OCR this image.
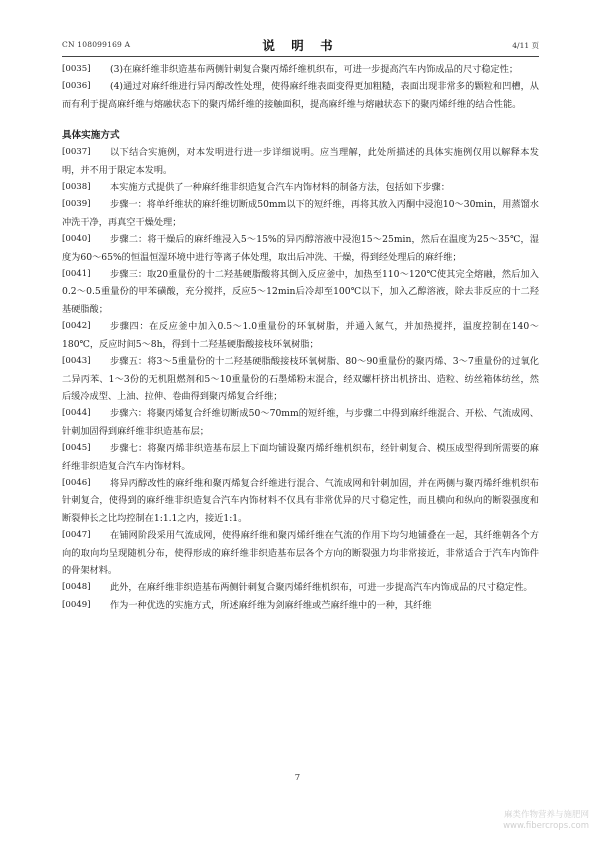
CN 108099169 A	说 明 书	4/11 页
[0035]	(3)在麻纤维非织造基布两侧针刺复合聚丙烯纤维机织布，可进一步提高汽车内饰成品的尺寸稳定性；
[0036]	(4)通过对麻纤维进行异丙醇改性处理，使得麻纤维表面变得更加粗糙，表面出现非常多的颗粒和凹槽，从而有利于提高麻纤维与熔融状态下的聚丙烯纤维的接触面积，提高麻纤维与熔融状态下的聚丙烯纤维的结合性能。
具体实施方式
[0037]	以下结合实施例，对本发明进行进一步详细说明。应当理解，此处所描述的具体实施例仅用以解释本发明，并不用于限定本发明。
[0038]	本实施方式提供了一种麻纤维非织造复合汽车内饰材料的制备方法，包括如下步骤：
[0039]	步骤一：将单纤维状的麻纤维切断成50mm以下的短纤维，再将其放入丙酮中浸泡10～30min，用蒸馏水冲洗干净，再真空干燥处理；
[0040]	步骤二：将干燥后的麻纤维浸入5～15%的异丙醇溶液中浸泡15～25min，然后在温度为25～35℃，湿度为60～65%的恒温恒湿环境中进行等离子体处理，取出后冲洗、干燥，得到经处理后的麻纤维；
[0041]	步骤三：取20重量份的十二羟基硬脂酸将其倒入反应釜中，加热至110～120℃使其完全熔融，然后加入0.2～0.5重量份的甲苯磺酸，充分搅拌，反应5～12min后冷却至100℃以下，加入乙醇溶液，除去非反应的十二羟基硬脂酸；
[0042]	步骤四：在反应釜中加入0.5～1.0重量份的环氧树脂，并通入氮气，并加热搅拌，温度控制在140～180℃，反应时间5～8h，得到十二羟基硬脂酸接枝环氧树脂；
[0043]	步骤五：将3～5重量份的十二羟基硬脂酸接枝环氧树脂、80～90重量份的聚丙烯、3～7重量份的过氧化二异丙苯、1～3份的无机阻燃剂和5～10重量份的石墨烯粉末混合，经双螺杆挤出机挤出、造粒、纺丝箱体纺丝，然后缓冷成型、上油、拉伸、卷曲得到聚丙烯复合纤维；
[0044]	步骤六：将聚丙烯复合纤维切断成50～70mm的短纤维，与步骤二中得到麻纤维混合、开松、气流成网、针刺加固得到麻纤维非织造基布层；
[0045]	步骤七：将聚丙烯非织造基布层上下面均铺设聚丙烯纤维机织布，经针刺复合、模压成型得到所需要的麻纤维非织造复合汽车内饰材料。
[0046]	将异丙醇改性的麻纤维和聚丙烯复合纤维进行混合、气流成网和针刺加固，并在两侧与聚丙烯纤维机织布针刺复合，使得到的麻纤维非织造复合汽车内饰材料不仅具有非常优异的尺寸稳定性，而且横向和纵向的断裂强度和断裂伸长之比均控制在1:1.1之内，接近1:1。
[0047]	在铺网阶段采用气流成网，使得麻纤维和聚丙烯纤维在气流的作用下均匀地铺叠在一起，其纤维朝各个方向的取向均呈现随机分布，使得形成的麻纤维非织造基布层各个方向的断裂强力均非常接近，非常适合于汽车内饰件的骨架材料。
[0048]	此外，在麻纤维非织造基布两侧针刺复合聚丙烯纤维机织布，可进一步提高汽车内饰成品的尺寸稳定性。
[0049]	作为一种优选的实施方式，所述麻纤维为剑麻纤维或苎麻纤维中的一种，其纤维
7
麻类作物营养与施肥网
www.fibercrops.com
